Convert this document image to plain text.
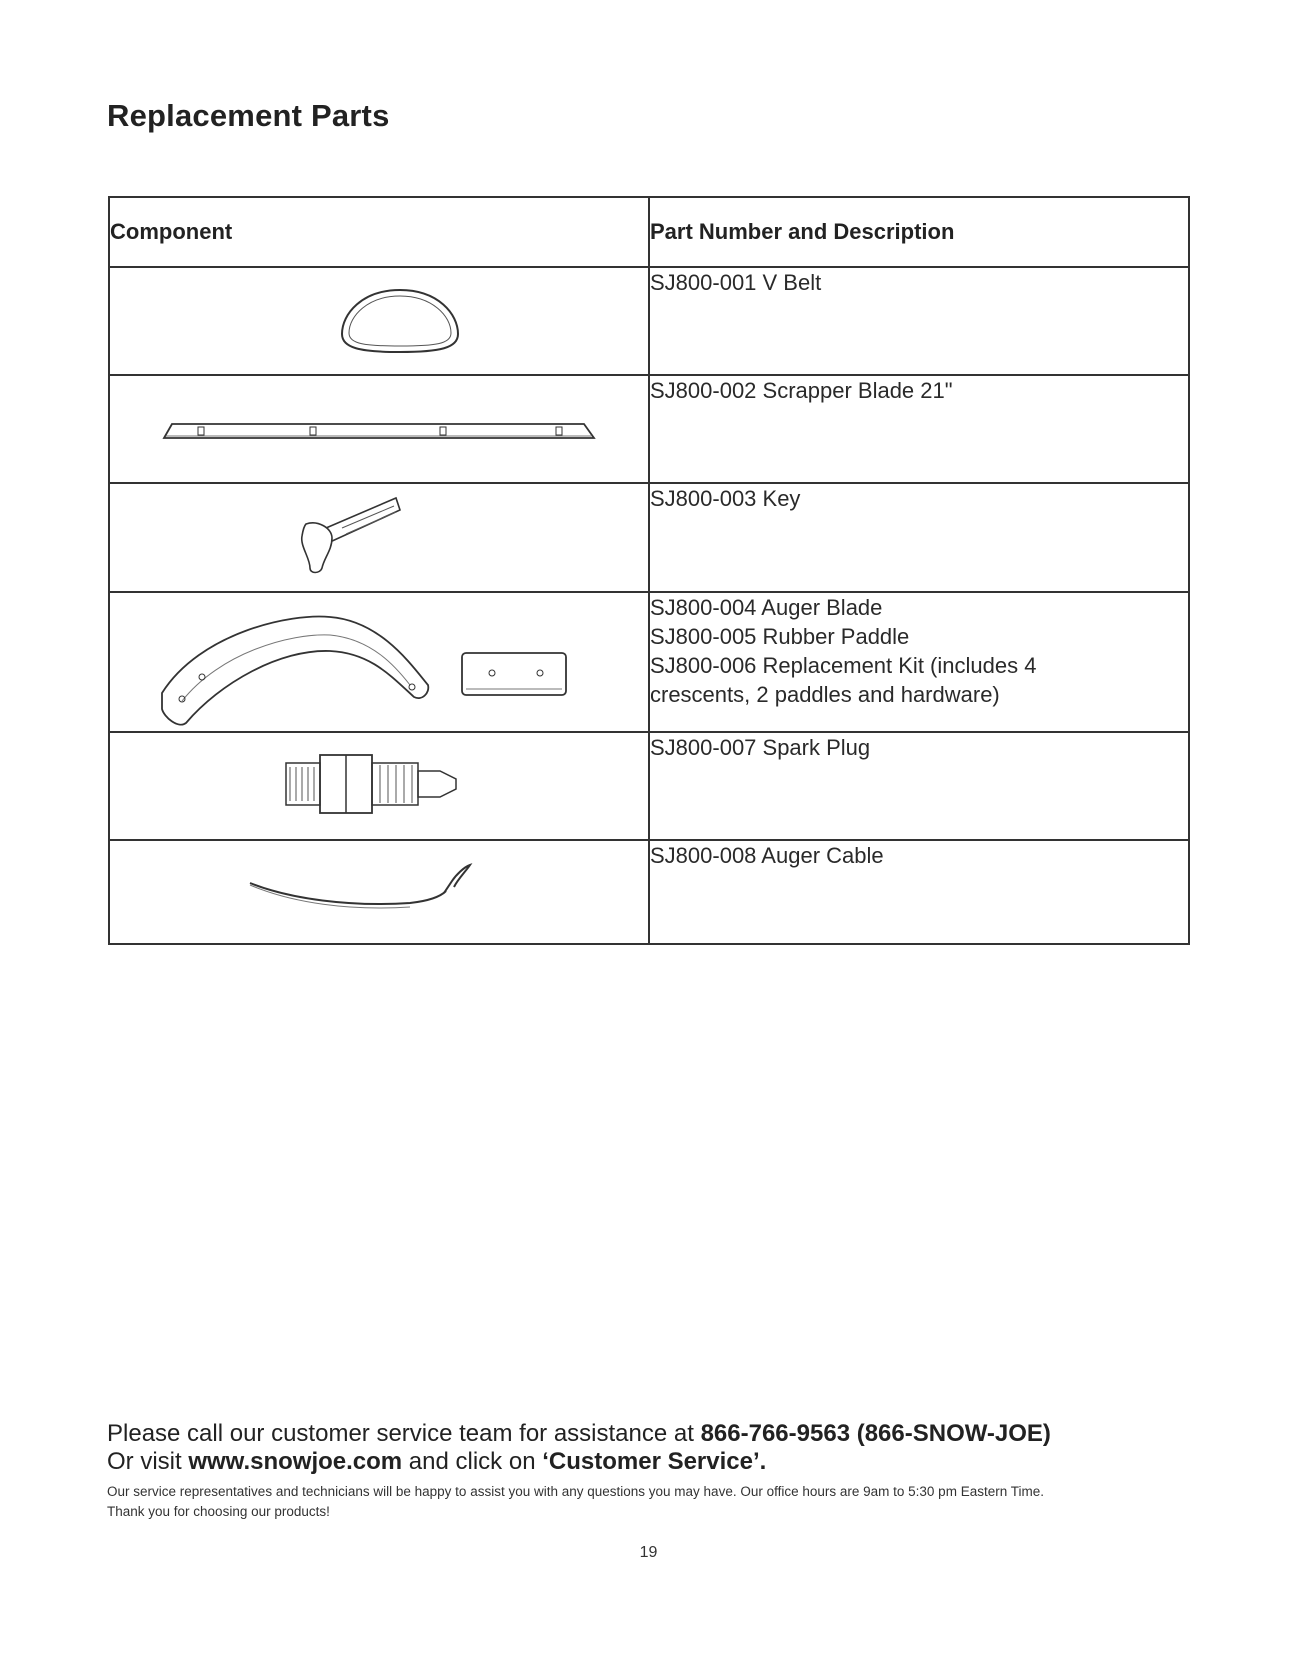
Replacement Parts
Component	Part Number and Description

SJ800-001 V Belt

SJ800-002 Scrapper Blade 21"

SJ800-003 Key

SJ800-004 Auger Blade
SJ800-005 Rubber Paddle
SJ800-006 Replacement Kit (includes 4
crescents, 2 paddles and hardware)

SJ800-007 Spark Plug

SJ800-008 Auger Cable
Please call our customer service team for assistance at 866-766-9563 (866-SNOW-JOE)
Or visit www.snowjoe.com and click on ‘Customer Service’.
Our service representatives and technicians will be happy to assist you with any questions you may have. Our office hours are 9am to 5:30 pm Eastern Time.
Thank you for choosing our products!
19
